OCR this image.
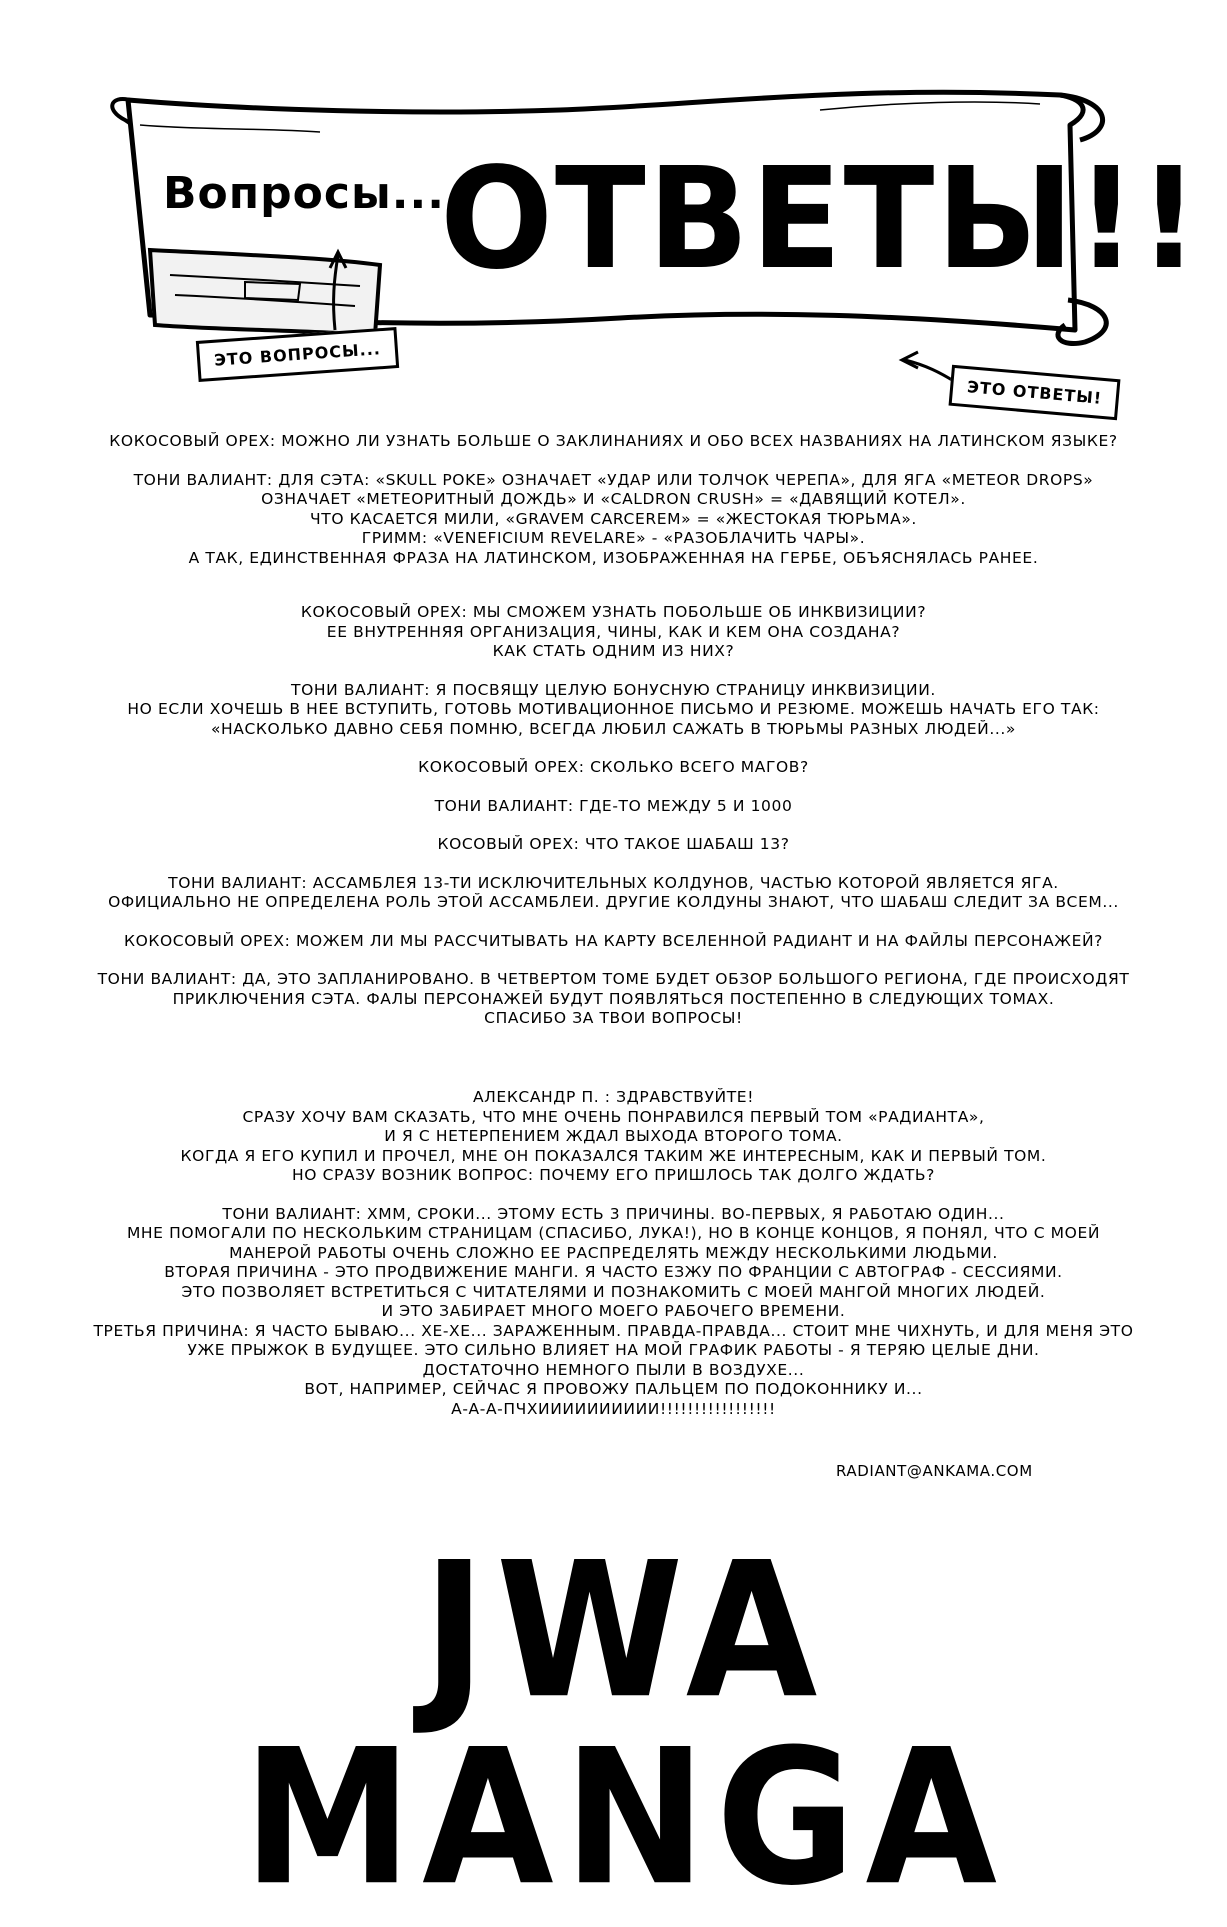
Вопросы...
ОТВЕТЫ!!
ЭТО ВОПРОСЫ...
ЭТО ОТВЕТЫ!

КОКОСОВЫЙ ОРЕХ: МОЖНО ЛИ УЗНАТЬ БОЛЬШЕ О ЗАКЛИНАНИЯХ И ОБО ВСЕХ НАЗВАНИЯХ НА ЛАТИНСКОМ ЯЗЫКЕ?

ТОНИ ВАЛИАНТ: ДЛЯ СЭТА: «SKULL POKE» ОЗНАЧАЕТ «УДАР ИЛИ ТОЛЧОК ЧЕРЕПА», ДЛЯ ЯГА «METEOR DROPS»
ОЗНАЧАЕТ «МЕТЕОРИТНЫЙ ДОЖДЬ» И «CALDRON CRUSH» = «ДАВЯЩИЙ КОТЕЛ».
ЧТО КАСАЕТСЯ МИЛИ, «GRAVEM CARCEREM» = «ЖЕСТОКАЯ ТЮРЬМА».
ГРИММ: «VENEFICIUM REVELARE» - «РАЗОБЛАЧИТЬ ЧАРЫ».
А ТАК, ЕДИНСТВЕННАЯ ФРАЗА НА ЛАТИНСКОМ, ИЗОБРАЖЕННАЯ НА ГЕРБЕ, ОБЪЯСНЯЛАСЬ РАНЕЕ.

КОКОСОВЫЙ ОРЕХ: МЫ СМОЖЕМ УЗНАТЬ ПОБОЛЬШЕ ОБ ИНКВИЗИЦИИ?
ЕЕ ВНУТРЕННЯЯ ОРГАНИЗАЦИЯ, ЧИНЫ, КАК И КЕМ ОНА СОЗДАНА?
КАК СТАТЬ ОДНИМ ИЗ НИХ?

ТОНИ ВАЛИАНТ: Я ПОСВЯЩУ ЦЕЛУЮ БОНУСНУЮ СТРАНИЦУ ИНКВИЗИЦИИ.
НО ЕСЛИ ХОЧЕШЬ В НЕЕ ВСТУПИТЬ, ГОТОВЬ МОТИВАЦИОННОЕ ПИСЬМО И РЕЗЮМЕ. МОЖЕШЬ НАЧАТЬ ЕГО ТАК:
«НАСКОЛЬКО ДАВНО СЕБЯ ПОМНЮ, ВСЕГДА ЛЮБИЛ САЖАТЬ В ТЮРЬМЫ РАЗНЫХ ЛЮДЕЙ...»

КОКОСОВЫЙ ОРЕХ: СКОЛЬКО ВСЕГО МАГОВ?

ТОНИ ВАЛИАНТ: ГДЕ-ТО МЕЖДУ 5 И 1000

КОСОВЫЙ ОРЕХ: ЧТО ТАКОЕ ШАБАШ 13?

ТОНИ ВАЛИАНТ: АССАМБЛЕЯ 13-ТИ ИСКЛЮЧИТЕЛЬНЫХ КОЛДУНОВ, ЧАСТЬЮ КОТОРОЙ ЯВЛЯЕТСЯ ЯГА.
ОФИЦИАЛЬНО НЕ ОПРЕДЕЛЕНА РОЛЬ ЭТОЙ АССАМБЛЕИ. ДРУГИЕ КОЛДУНЫ ЗНАЮТ, ЧТО ШАБАШ СЛЕДИТ ЗА ВСЕМ...

КОКОСОВЫЙ ОРЕХ: МОЖЕМ ЛИ МЫ РАССЧИТЫВАТЬ НА КАРТУ ВСЕЛЕННОЙ РАДИАНТ И НА ФАЙЛЫ ПЕРСОНАЖЕЙ?

ТОНИ ВАЛИАНТ: ДА, ЭТО ЗАПЛАНИРОВАНО. В ЧЕТВЕРТОМ ТОМЕ БУДЕТ ОБЗОР БОЛЬШОГО РЕГИОНА, ГДЕ ПРОИСХОДЯТ
ПРИКЛЮЧЕНИЯ СЭТА. ФАЛЫ ПЕРСОНАЖЕЙ БУДУТ ПОЯВЛЯТЬСЯ ПОСТЕПЕННО В СЛЕДУЮЩИХ ТОМАХ.
СПАСИБО ЗА ТВОИ ВОПРОСЫ!

АЛЕКСАНДР П. : ЗДРАВСТВУЙТЕ!
СРАЗУ ХОЧУ ВАМ СКАЗАТЬ, ЧТО МНЕ ОЧЕНЬ ПОНРАВИЛСЯ ПЕРВЫЙ ТОМ «РАДИАНТА»,
И Я С НЕТЕРПЕНИЕМ ЖДАЛ ВЫХОДА ВТОРОГО ТОМА.
КОГДА Я ЕГО КУПИЛ И ПРОЧЕЛ, МНЕ ОН ПОКАЗАЛСЯ ТАКИМ ЖЕ ИНТЕРЕСНЫМ, КАК И ПЕРВЫЙ ТОМ.
НО СРАЗУ ВОЗНИК ВОПРОС: ПОЧЕМУ ЕГО ПРИШЛОСЬ ТАК ДОЛГО ЖДАТЬ?

ТОНИ ВАЛИАНТ: ХММ, СРОКИ... ЭТОМУ ЕСТЬ 3 ПРИЧИНЫ. ВО-ПЕРВЫХ, Я РАБОТАЮ ОДИН...
МНЕ ПОМОГАЛИ ПО НЕСКОЛЬКИМ СТРАНИЦАМ (СПАСИБО, ЛУКА!), НО В КОНЦЕ КОНЦОВ, Я ПОНЯЛ, ЧТО С МОЕЙ
МАНЕРОЙ РАБОТЫ ОЧЕНЬ СЛОЖНО ЕЕ РАСПРЕДЕЛЯТЬ МЕЖДУ НЕСКОЛЬКИМИ ЛЮДЬМИ.
ВТОРАЯ ПРИЧИНА - ЭТО ПРОДВИЖЕНИЕ МАНГИ. Я ЧАСТО ЕЗЖУ ПО ФРАНЦИИ С АВТОГРАФ - СЕССИЯМИ.
ЭТО ПОЗВОЛЯЕТ ВСТРЕТИТЬСЯ С ЧИТАТЕЛЯМИ И ПОЗНАКОМИТЬ С МОЕЙ МАНГОЙ МНОГИХ ЛЮДЕЙ.
И ЭТО ЗАБИРАЕТ МНОГО МОЕГО РАБОЧЕГО ВРЕМЕНИ.
ТРЕТЬЯ ПРИЧИНА: Я ЧАСТО БЫВАЮ... ХЕ-ХЕ... ЗАРАЖЕННЫМ. ПРАВДА-ПРАВДА... СТОИТ МНЕ ЧИХНУТЬ, И ДЛЯ МЕНЯ ЭТО
УЖЕ ПРЫЖОК В БУДУЩЕЕ. ЭТО СИЛЬНО ВЛИЯЕТ НА МОЙ ГРАФИК РАБОТЫ - Я ТЕРЯЮ ЦЕЛЫЕ ДНИ.
ДОСТАТОЧНО НЕМНОГО ПЫЛИ В ВОЗДУХЕ...
ВОТ, НАПРИМЕР, СЕЙЧАС Я ПРОВОЖУ ПАЛЬЦЕМ ПО ПОДОКОННИКУ И...
А-А-А-ПЧХИИИИИИИИИИ!!!!!!!!!!!!!!!!!

RADIANT@ANKAMA.COM
JWA MANGA
